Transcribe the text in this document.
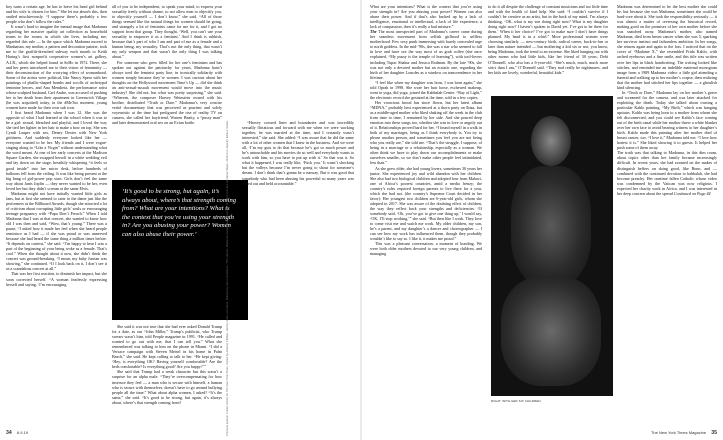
boy turns a certain age, he has to leave his head girl behind and his wife is chosen for him.” She let me absorb this, then smiled mischievously. “I suppose there’s probably a few people who don’t follow the rules.”

It wasn’t hard to imagine the mental image that Madonna regarding her massive quality art collection as household teams in the rooms in which she lives, including me, regarded this rule — In the space which Madonna moved to Manhattan, my mother, a pattern and decoration painter, took me to the graffiti-drenched subway each month to Keith Haring’s first nonprofit cooperative women’s art gallery, A.I.R., which she helped found in SoHo in 1972. There, she and her peers introduced me to their vision of femininity — their deconstruction of the worrying effect of womanhood. Some of the artists were political, like Nancy Spero with her paintings of phallic-shaped bombs and scrolls of archetypal feminine heroes, and Ana Mendieta, the performance artist whose sculpted husband, Carl Andre, was accused of pushing her to her death from their apartment in Greenwich Village (he was acquitted) today, in the #MeToo moment, young women have made for their own sub icon.

I first heard Madonna when I was 12. She was the opposite of what I had learned at the school when it was to be a girl: sexual, bleached and playful, and I loved the way she tied her lighter in her hair to make a bow on top. She was Cyndi Lauper with sex, Deney Dexter with New York grittiness. And suddenly everyone looked like her — everyone wanted to be her. My friends and I were vogue-singing along to “Like a Virgin” without understanding what the word meant. At one of her early concerts at the Madison Square Garden, she swapped herself in a white wedding veil and lay down on the stage, breathily whispering “it feels so good inside” into her micro desk, before hundreds of balloons fell from the ceiling. It was like being present at the big bang of girl-power pop stars. Girls don’t feel the same way about Janis Joplin — they never wanted to be her, even loved her but they didn’t scream at the same Elvis.

Madonna might not have initially wanted little girls as fans, but at first she seemed to cater to the dame just like the performers at the Billboard Awards, though she attracted a lot of criticism about corrupting little girls’ souls or encouraging teenage pregnancy with “Papa Don’t Preach.” When I told Madonna that I was at that concert, she wanted to know how old I was then and said, “Wow, that’s young.” There was a pause, “I asked how it made her feel when she heard people reminisce as I had — if she was proud or was unnerved because she had heard the same thing a million times before. “It depends on context,” she said. “I’m happy to hear I was a part of the beginning of your being woke as a female. That’s cool.” When she thought about it now, she didn’t think the concert was ground-breaking. “I mean, my baby Jurrian was showing,” she continued. “If I look back on it, I don’t see it as a scandalous concert at all.”

That was her first reaction, to diminish her impact, but she soon corrected herself. “A woman fearlessly expressing herself and saying, ‘I’m encouraging

all of you to be independent, to speak your mind, to express your sexuality freely without shame, to not allow men to objectify you, to objectify yourself — I don’t know,” she said. “All of those things seemed like the natural things for women should be going, and strangely a lot of feminists came for me for it, and I got no support from that group. They thought, ‘Well, you can’t use your sexuality to empower it as a feminist.’ And I think is rubbish, because that’s part of who I am and part of me as a female and a human being, my sexuality. That’s not the only thing, that wasn’t my only weapon and that wasn’t the only thing I was talking about.”

For someone who grew filled for her one’s feminism and has spoken out against the patriarchy for years, Madonna hasn’t always toed the feminist party line, in ironically solidarity with women simply because they’re women. I was curious about her thoughts on the Hollywood movement Time’s Up — did she think an anti-sexual-assault movement would move into the music industry? She did not, but what was pretty surprising,” she said. “Whereas, the composer Harvey Weinstein owned with his brother, distributed “Truth or Dare,” Madonna’s very concise verité documentary that was perceived as prurient and solely voyeuristic at the time but prefigured the rise of reality TV on camera, she called her boyfriend, Warren Beatty, a “pussy man” and later demonstrated oral sex on an Evian bottle.

‘It’s good to be strong, but again, it’s always about, where’s that strength coming from? What are your intentions? What is the context that you’re using your strength in? Are you abusing your power? Women can also abuse their power.’

She said it was not true that she had ever asked Donald Trump for a date, as our “John Miller,” Trump’s publicist, who Trump swears wasn’t him, told People magazine in 1991. “He called and wanted to go out with me, that I can tell you.” What she remembered was talking to him on the phone in Miami. “I did a Versace campaign with Steven Meisel in his home in Palm Beach,” she said. He kept calling to talk to her. “He kept giving: ‘Hey, is everything OK? Having yourself comfortable? Are the beds comfortable? Is everything good? Are you happy?’”

She said that Trump had a weak character but this wasn’t a surprise for an alpha male. “They’re overcompensating for how insecure they feel — a man who is secure with himself, a human who is secure with themselves, doesn’t have to go around bullying people all the time.” What about alpha women, I asked? “It’s the same,” she said. “It’s good to be strong, but again, it’s always about, where’s that strength coming from?

“Harvey crossed lines and boundaries and was incredibly sexually flirtatious and forward with me when we were working together, he was married at the time, and I certainly wasn’t interested,” she said. She added: “I was aware that he did the same with a lot of other women that I knew in the business. And we were all, ‘I’m my guts to do that because he’s got so much power and he’s untouchable and his movies do so well and everybody wants to work with him, so you have to put up with it.’ So that was it. So what it happened, I was really like, ‘Fuck you.’ It wasn’t shocking but the valleys because I’m never going to shout for someone’s dream. I don’t think that’s gonna be a runway. But it was good that somebody who had been abusing his powerful so many years was called out and held accountable.”

Previous spread: Collier Schorr for The New York Times. Styled by Arianne Phillips. Hair by Andy LeCompte. Makeup by Aaron Henrikson. This spread: Madonna Scenes image courtesy of Stijn Lock and Gardener Mayle. 2019 Icon Jewelry Edition Studio.
34 6.9.19

What are your intentions? What is the context that you’re using your strength in? Are you abusing your power? Women can also abuse their power. And if that’s also backed up by a lack of intelligence, emotional or intellectual, a lack of life experience, a lack of compassion, then it’s really a bad mixture.”

The The most unexpected part of Madonna’s career came during her seamless movement from selfish girlhood to selfless motherhood. Few sexy punk immersing with barely concealed rage to north goddess. In the mid-’90s, she was a star who seemed to fall in love and have sex the way most of us grab coffee (she once explained, “My pussy is the temple of learning”), with tool-lovers including Tupac Shakur and Jessica Rodman. By the late ’90s, she was not only a devoted mother but an ecstatic one, regarding the birth of her daughter Lourdes as a window on transcendence in her lifetime.

“I feel like when my daughter was born, I was born again,” she told Oprah in 1998. She wore her hair loose, eschewed makeup, went to yoga, did yoga, joined the Kabbalah Centre. “Ray of Light,” the electronic record she gestated at the time, sold in a few copies.

Her voracious brood has since flown, but her latest album “MDNA,” probably best experienced at a thorn party on Ibiza, but as a middle-aged mother who liked shaking off the week in the club from time to time, I remained by her side. And she poured deep emotion into these songs too, whether she was in love or angrily out of it. Relationships proved hard for her. “I found myself in a walk in both of my marriages, being as I think everybody is. You try to please another person, and sometimes you feel you are not being who you really are,” she told me. “That’s the struggle, I suppose, of being in a marriage or a relationship, especially as a woman. We often think we have to play down our accomplishments or make ourselves smaller, so we don’t make other people feel intimidated, less than.”

As she grew older, she had young lovers, sometimes 30 years her junior. She experienced joy and wild abandon with her children. She also had two biological children and adopted four from Malawi, one of Africa’s poorest countries, amid a media frenzy; the country’s rules required foreign parents to live there for a year, which she had not. (the country’s Supreme Court decided in her favor): Her youngest two children are 6-year-old girls, whom she adopted in 2017. She was aware of the doubting effect of children, the way they reflect back your strengths and deficiencies. “If somebody said, ‘Oh, you’ve got to give one thing up,’ I would say, ‘OK, I’ll stop working,’” she said. “But then like I work. They love to come visit me and watch me work. My older children, my son, he’s a parent, and my daughter’s a dancer and choreographer — I can see how my work has influenced them, though they probably wouldn’t like to say so. I like it, it makes me proud.”

This was a pleasant conversation, a moment of bonding. We were both older mothers devoted to our very young children, and managing

to do it all despite the challenge of constant musicians and too little time and with the health of kind help. She said: “I couldn’t survive if I couldn’t be creative as an artist, but in the back of my mind, I’m always thinking, ‘OK, what is my son doing right now? What is my daughter doing right now? I haven’t spoken to David yet. I’ve got to be there for them.’ When it her choice? I’ve got to make sure I don’t have things planned. My head is in a whirl.” More professional women were choosing similarly — new-century birth, radical career, back-to-fun or later than nature intended — but mothering a kid six or not, you know, being Madonna, took the trend to an extreme. She liked hanging out with other moms who had little kids, like her friend of 30 years, Debi O’Donnell, who also has a 6-year-old. “She’s much, much, much more strict than I am,” O’Donnell said. “They nod really be nightmares, and her kids are lovely, wonderful, beautiful kids.”

RIGHT: WITH HER SIX CHILDREN

Madonna was determined to be the best mother she could be, but because she was Madonna, sometimes she could be hard-core about it. She took the responsibility seriously — it was almost a matter of reversing the historical record, making good on the promises of her own mother before she was snatched away. Madonna’s mother, also named Madonna, died from breast cancer when she was 5, sparking her survivor instinct and fathomless ambition. In her songs, she returns again and again to the loss. I noticed that on the cover of “Madame X,” she resembled Frida Kahlo, with arched eyebrows and a fine smile, and this title was written over her lips in black handwriting. The writing looked like stitches, and reminded me an indelible maternal monogram image from a 1989 Madonna video: a little girl attending a funeral and walking up to her mother’s corpse, then realizing that the mother had stitched her lips together — a ghoulish kind silencing.

In “Truth or Dare,” Madonna lay on her mother’s grave and screamed for the camera, and was later attacked for exploiting the death. Today she talked about owning a particular Kahlo painting, “My Birth,” which was hanging upstairs. Kahlo was being born to a mother from whom she felt disconnected, and you could see Kahlo’s face coming out of the birth canal while her mother threw a white blanket over her own face to avoid bearing witness to her daughter’s birth. Kahlo made this painting after her mother died of breast cancer, too. “I love it,” Madonna told me. “I love how honest it is.” She liked showing it to guests. It helped her push some of them away.

The truth was that talking to Madonna, in this dim room, about topics other than her family became increasingly difficult. In recent years, she had zoomed on the makes of distinguish heffers on doing good, like Bono, and — combined with the continued devotion to kabbalah, she had become preachy. Her onetime fallen Catholic whose video was condemned by the Vatican was now religious. I expected her charity work in Africa, and I was interested in her deep concern about the spread Continued on Page 44

The New York Times Magazine 35
